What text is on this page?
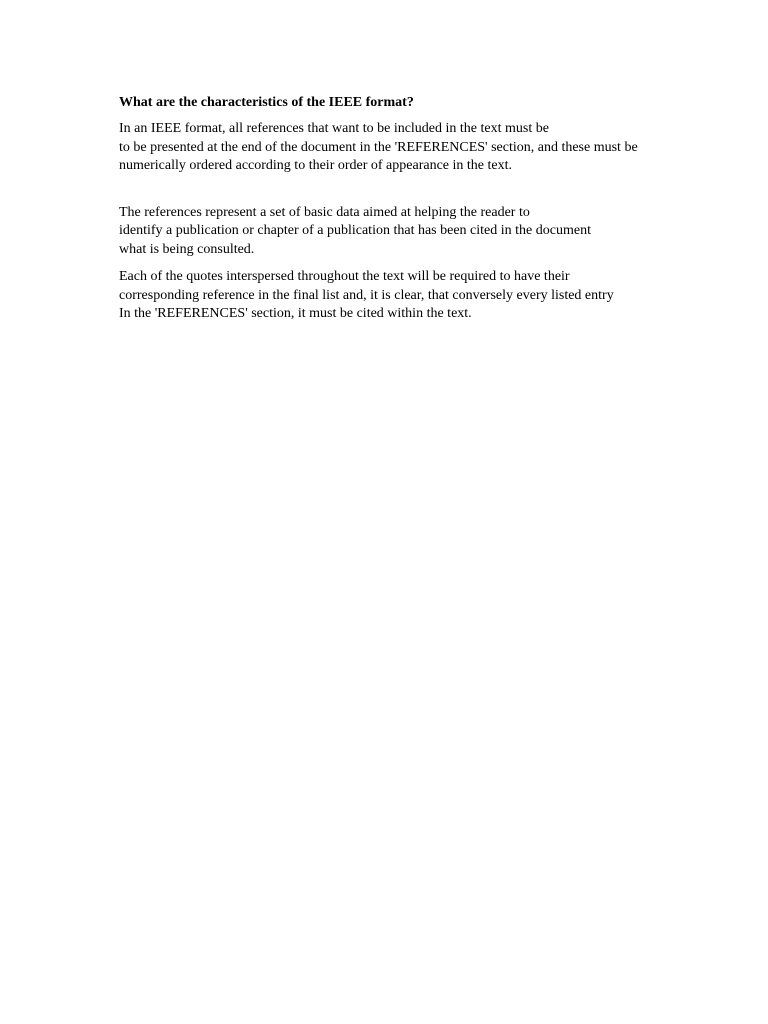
What are the characteristics of the IEEE format?

In an IEEE format, all references that want to be included in the text must be
to be presented at the end of the document in the 'REFERENCES' section, and these must be
numerically ordered according to their order of appearance in the text.

The references represent a set of basic data aimed at helping the reader to
identify a publication or chapter of a publication that has been cited in the document
what is being consulted.

Each of the quotes interspersed throughout the text will be required to have their
corresponding reference in the final list and, it is clear, that conversely every listed entry
In the 'REFERENCES' section, it must be cited within the text.
